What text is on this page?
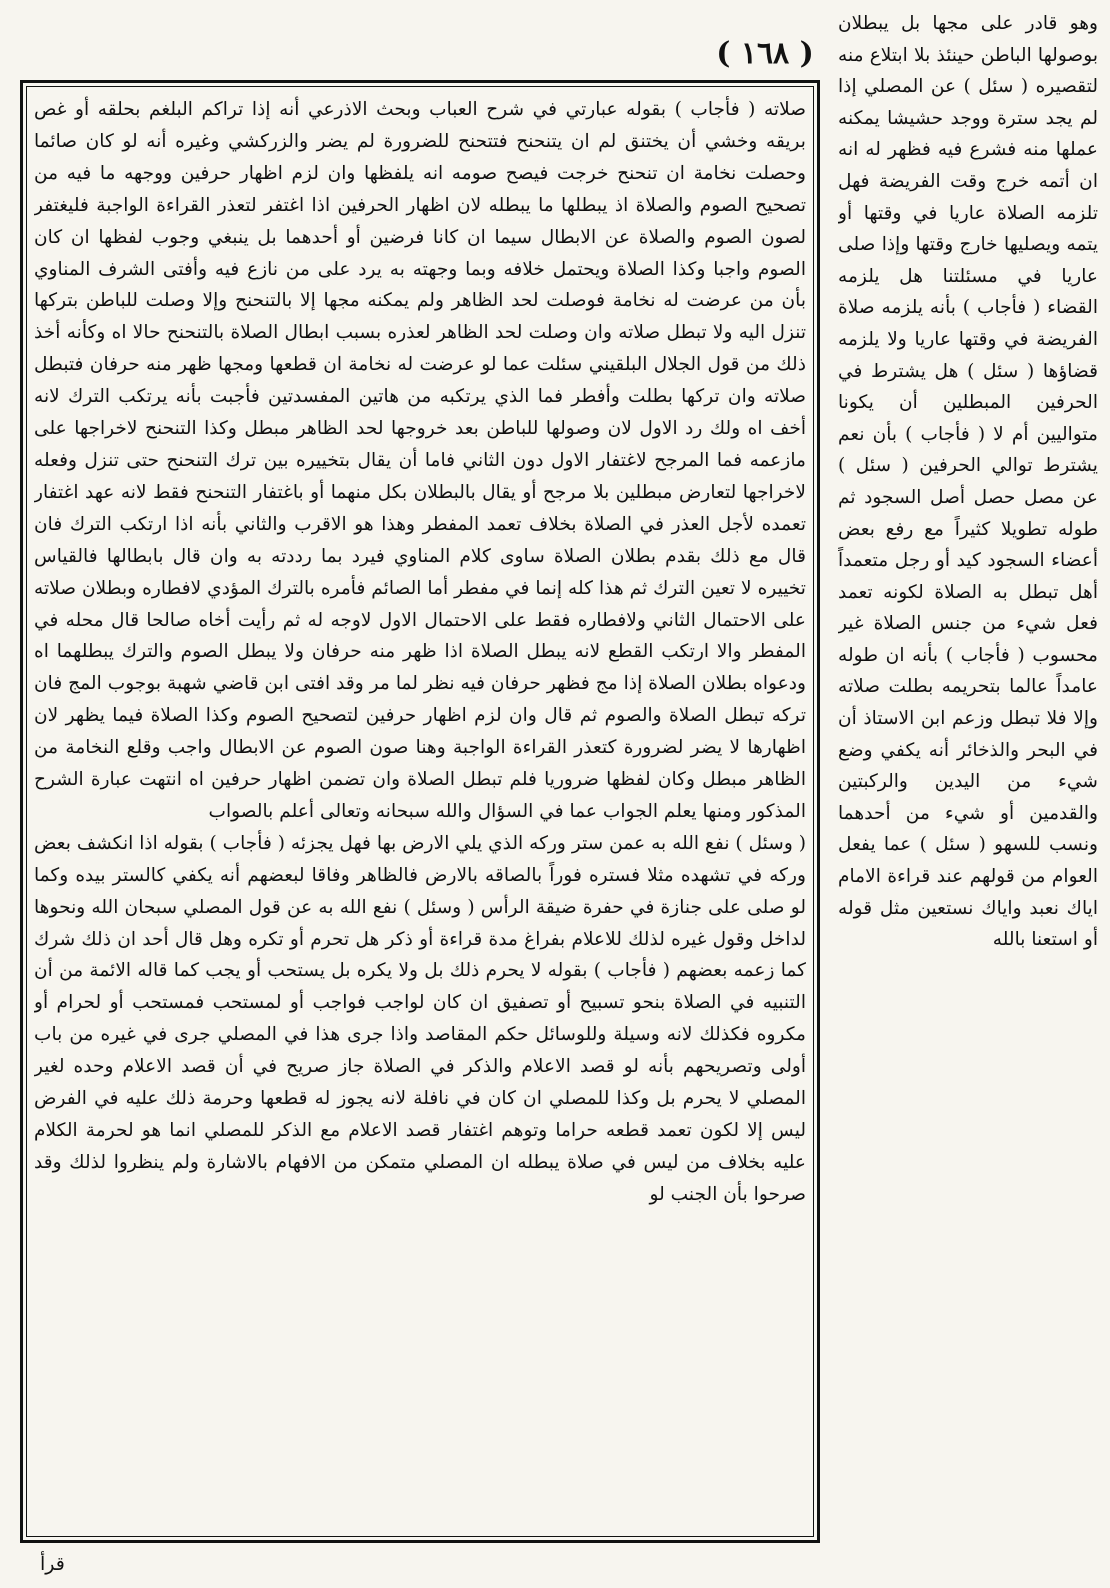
( ١٦٨ )

وهو قادر على مجها بل يبطلان بوصولها الباطن حينئذ بلا ابتلاع منه لتقصيره ( سئل ) عن المصلي إذا لم يجد سترة ووجد حشيشا يمكنه عملها منه فشرع فيه فظهر له انه ان أتمه خرج وقت الفريضة فهل تلزمه الصلاة عاريا في وقتها أو يتمه ويصليها خارج وقتها وإذا صلى عاريا في مسئلتنا هل يلزمه القضاء ( فأجاب ) بأنه يلزمه صلاة الفريضة في وقتها عاريا ولا يلزمه قضاؤها ( سئل ) هل يشترط في الحرفين المبطلين أن يكونا متواليين أم لا ( فأجاب ) بأن نعم يشترط توالي الحرفين ( سئل ) عن مصل حصل أصل السجود ثم طوله تطويلا كثيراً مع رفع بعض أعضاء السجود كيد أو رجل متعمداً أهل تبطل به الصلاة لكونه تعمد فعل شيء من جنس الصلاة غير محسوب ( فأجاب ) بأنه ان طوله عامداً عالما بتحريمه بطلت صلاته وإلا فلا تبطل وزعم ابن الاستاذ أن في البحر والذخائر أنه يكفي وضع شيء من اليدين والركبتين والقدمين أو شيء من أحدهما ونسب للسهو ( سئل ) عما يفعل العوام من قولهم عند قراءة الامام اياك نعبد واياك نستعين مثل قوله أو استعنا بالله

صلاته ( فأجاب ) بقوله عبارتي في شرح العباب وبحث الاذرعي أنه إذا تراكم البلغم بحلقه أو غص بريقه وخشي أن يختنق لم ان يتنحنح فتتحنح للضرورة لم يضر والزركشي وغيره أنه لو كان صائما وحصلت نخامة ان تنحنح خرجت فيصح صومه انه يلفظها وان لزم اظهار حرفين ووجهه ما فيه من تصحيح الصوم والصلاة اذ يبطلها ما يبطله لان اظهار الحرفين اذا اغتفر لتعذر القراءة الواجبة فليغتفر لصون الصوم والصلاة عن الابطال سيما ان كانا فرضين أو أحدهما بل ينبغي وجوب لفظها ان كان الصوم واجبا وكذا الصلاة ويحتمل خلافه وبما وجهته به يرد على من نازع فيه وأفتى الشرف المناوي بأن من عرضت له نخامة فوصلت لحد الظاهر ولم يمكنه مجها إلا بالتنحنح وإلا وصلت للباطن بتركها تنزل اليه ولا تبطل صلاته وان وصلت لحد الظاهر لعذره بسبب ابطال الصلاة بالتنحنح حالا اه وكأنه أخذ ذلك من قول الجلال البلقيني سئلت عما لو عرضت له نخامة ان قطعها ومجها ظهر منه حرفان فتبطل صلاته وان تركها بطلت وأفطر فما الذي يرتكبه من هاتين المفسدتين فأجبت بأنه يرتكب الترك لانه أخف اه ولك رد الاول لان وصولها للباطن بعد خروجها لحد الظاهر مبطل وكذا التنحنح لاخراجها على مازعمه فما المرجح لاغتفار الاول دون الثاني فاما أن يقال بتخييره بين ترك التنحنح حتى تنزل وفعله لاخراجها لتعارض مبطلين بلا مرجح أو يقال بالبطلان بكل منهما أو باغتفار التنحنح فقط لانه عهد اغتفار تعمده لأجل العذر في الصلاة بخلاف تعمد المفطر وهذا هو الاقرب والثاني بأنه اذا ارتكب الترك فان قال مع ذلك بقدم بطلان الصلاة ساوى كلام المناوي فيرد بما رددته به وان قال بابطالها فالقياس تخييره لا تعين الترك ثم هذا كله إنما في مفطر أما الصائم فأمره بالترك المؤدي لافطاره وبطلان صلاته على الاحتمال الثاني ولافطاره فقط على الاحتمال الاول لاوجه له ثم رأيت أخاه صالحا قال محله في المفطر والا ارتكب القطع لانه يبطل الصلاة اذا ظهر منه حرفان ولا يبطل الصوم والترك يبطلهما اه ودعواه بطلان الصلاة إذا مج فظهر حرفان فيه نظر لما مر وقد افتى ابن قاضي شهبة بوجوب المج فان تركه تبطل الصلاة والصوم ثم قال وان لزم اظهار حرفين لتصحيح الصوم وكذا الصلاة فيما يظهر لان اظهارها لا يضر لضرورة كتعذر القراءة الواجبة وهنا صون الصوم عن الابطال واجب وقلع النخامة من الظاهر مبطل وكان لفظها ضروريا فلم تبطل الصلاة وان تضمن اظهار حرفين اه انتهت عبارة الشرح المذكور ومنها يعلم الجواب عما في السؤال والله سبحانه وتعالى أعلم بالصواب

( وسئل ) نفع الله به عمن ستر وركه الذي يلي الارض بها فهل يجزئه ( فأجاب ) بقوله اذا انكشف بعض وركه في تشهده مثلا فستره فوراً بالصاقه بالارض فالظاهر وفاقا لبعضهم أنه يكفي كالستر بيده وكما لو صلى على جنازة في حفرة ضيقة الرأس ( وسئل ) نفع الله به عن قول المصلي سبحان الله ونحوها لداخل وقول غيره لذلك للاعلام بفراغ مدة قراءة أو ذكر هل تحرم أو تكره وهل قال أحد ان ذلك شرك كما زعمه بعضهم ( فأجاب ) بقوله لا يحرم ذلك بل ولا يكره بل يستحب أو يجب كما قاله الائمة من أن التنبيه في الصلاة بنحو تسبيح أو تصفيق ان كان لواجب فواجب أو لمستحب فمستحب أو لحرام أو مكروه فكذلك لانه وسيلة وللوسائل حكم المقاصد واذا جرى هذا في المصلي جرى في غيره من باب أولى وتصريحهم بأنه لو قصد الاعلام والذكر في الصلاة جاز صريح في أن قصد الاعلام وحده لغير المصلي لا يحرم بل وكذا للمصلي ان كان في نافلة لانه يجوز له قطعها وحرمة ذلك عليه في الفرض ليس إلا لكون تعمد قطعه حراما وتوهم اغتفار قصد الاعلام مع الذكر للمصلي انما هو لحرمة الكلام عليه بخلاف من ليس في صلاة يبطله ان المصلي متمكن من الافهام بالاشارة ولم ينظروا لذلك وقد صرحوا بأن الجنب لو

قرأ
